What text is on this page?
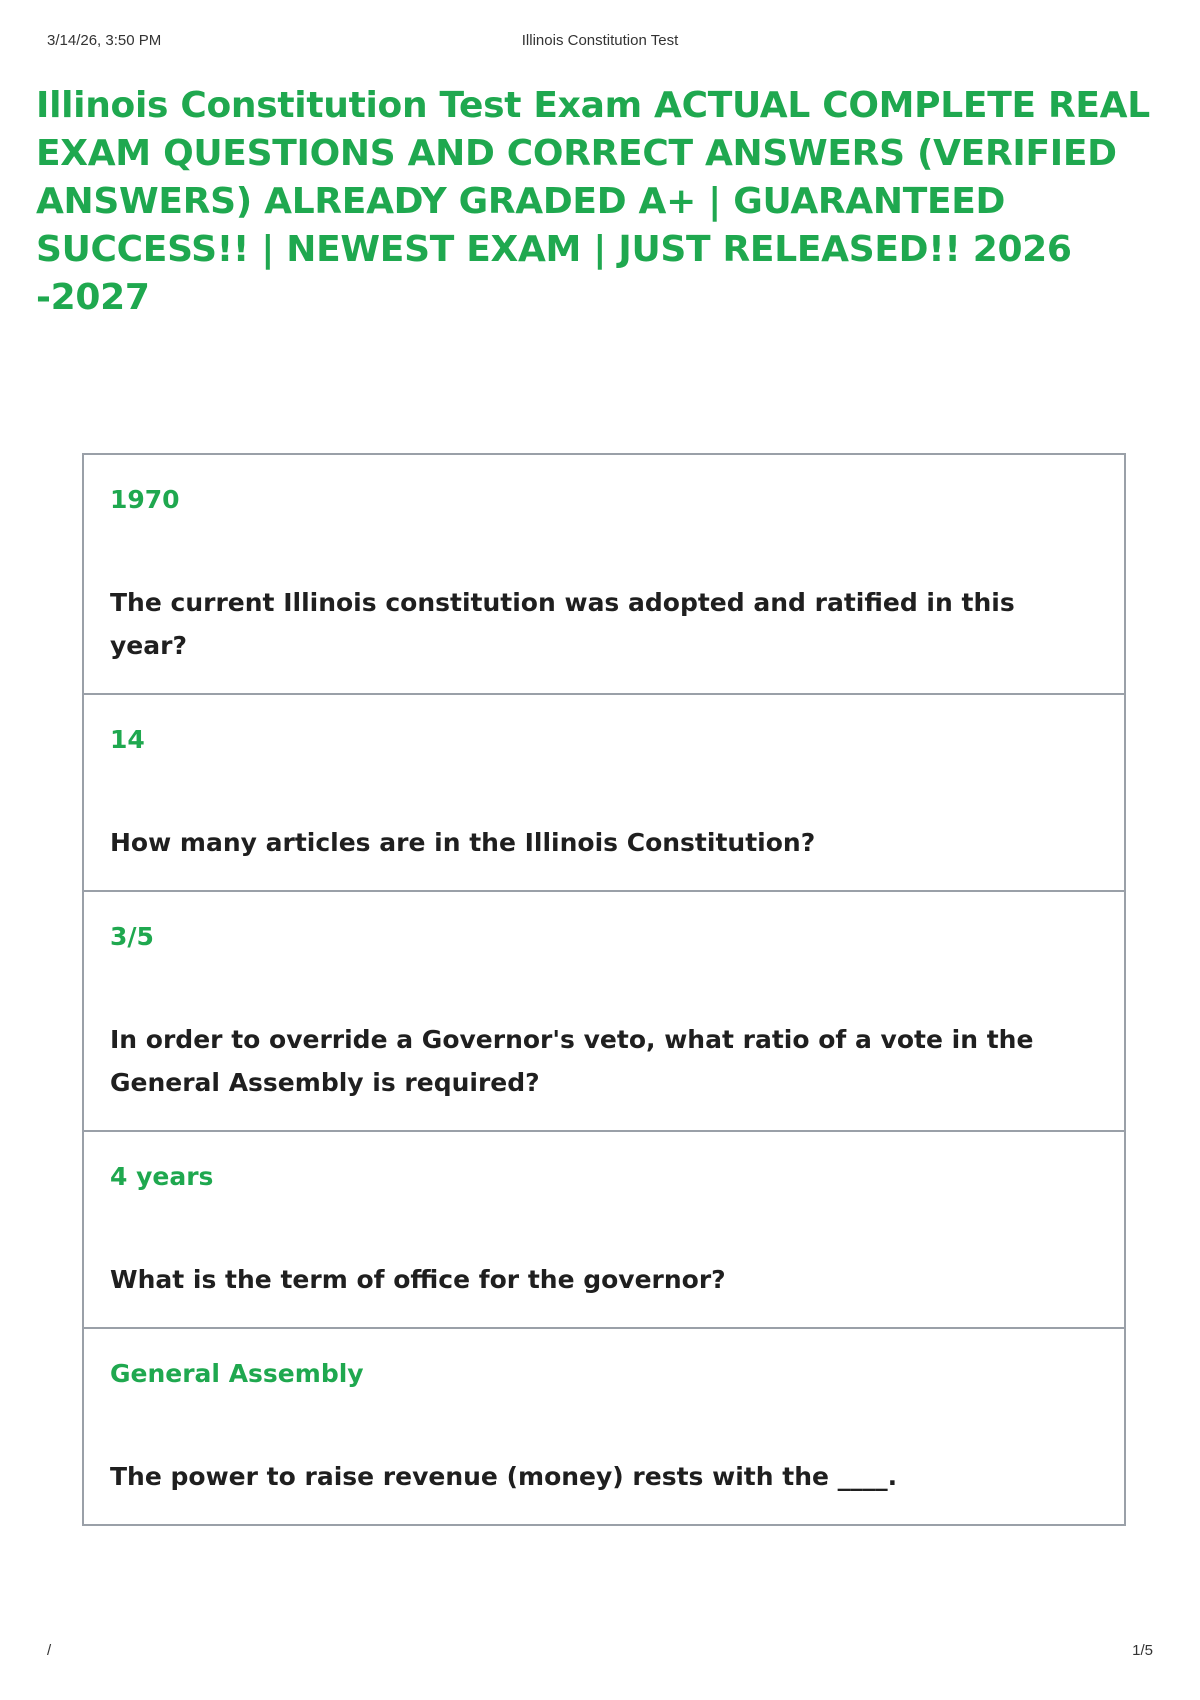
3/14/26, 3:50 PM	Illinois Constitution Test
Illinois Constitution Test Exam ACTUAL COMPLETE REAL EXAM QUESTIONS AND CORRECT ANSWERS (VERIFIED ANSWERS) ALREADY GRADED A+ | GUARANTEED SUCCESS!! | NEWEST EXAM | JUST RELEASED!! 2026 -2027

1970

The current Illinois constitution was adopted and ratified in this year?

14

How many articles are in the Illinois Constitution?

3/5

In order to override a Governor's veto, what ratio of a vote in the General Assembly is required?

4 years

What is the term of office for the governor?

General Assembly

The power to raise revenue (money) rests with the ____.

/	1/5
